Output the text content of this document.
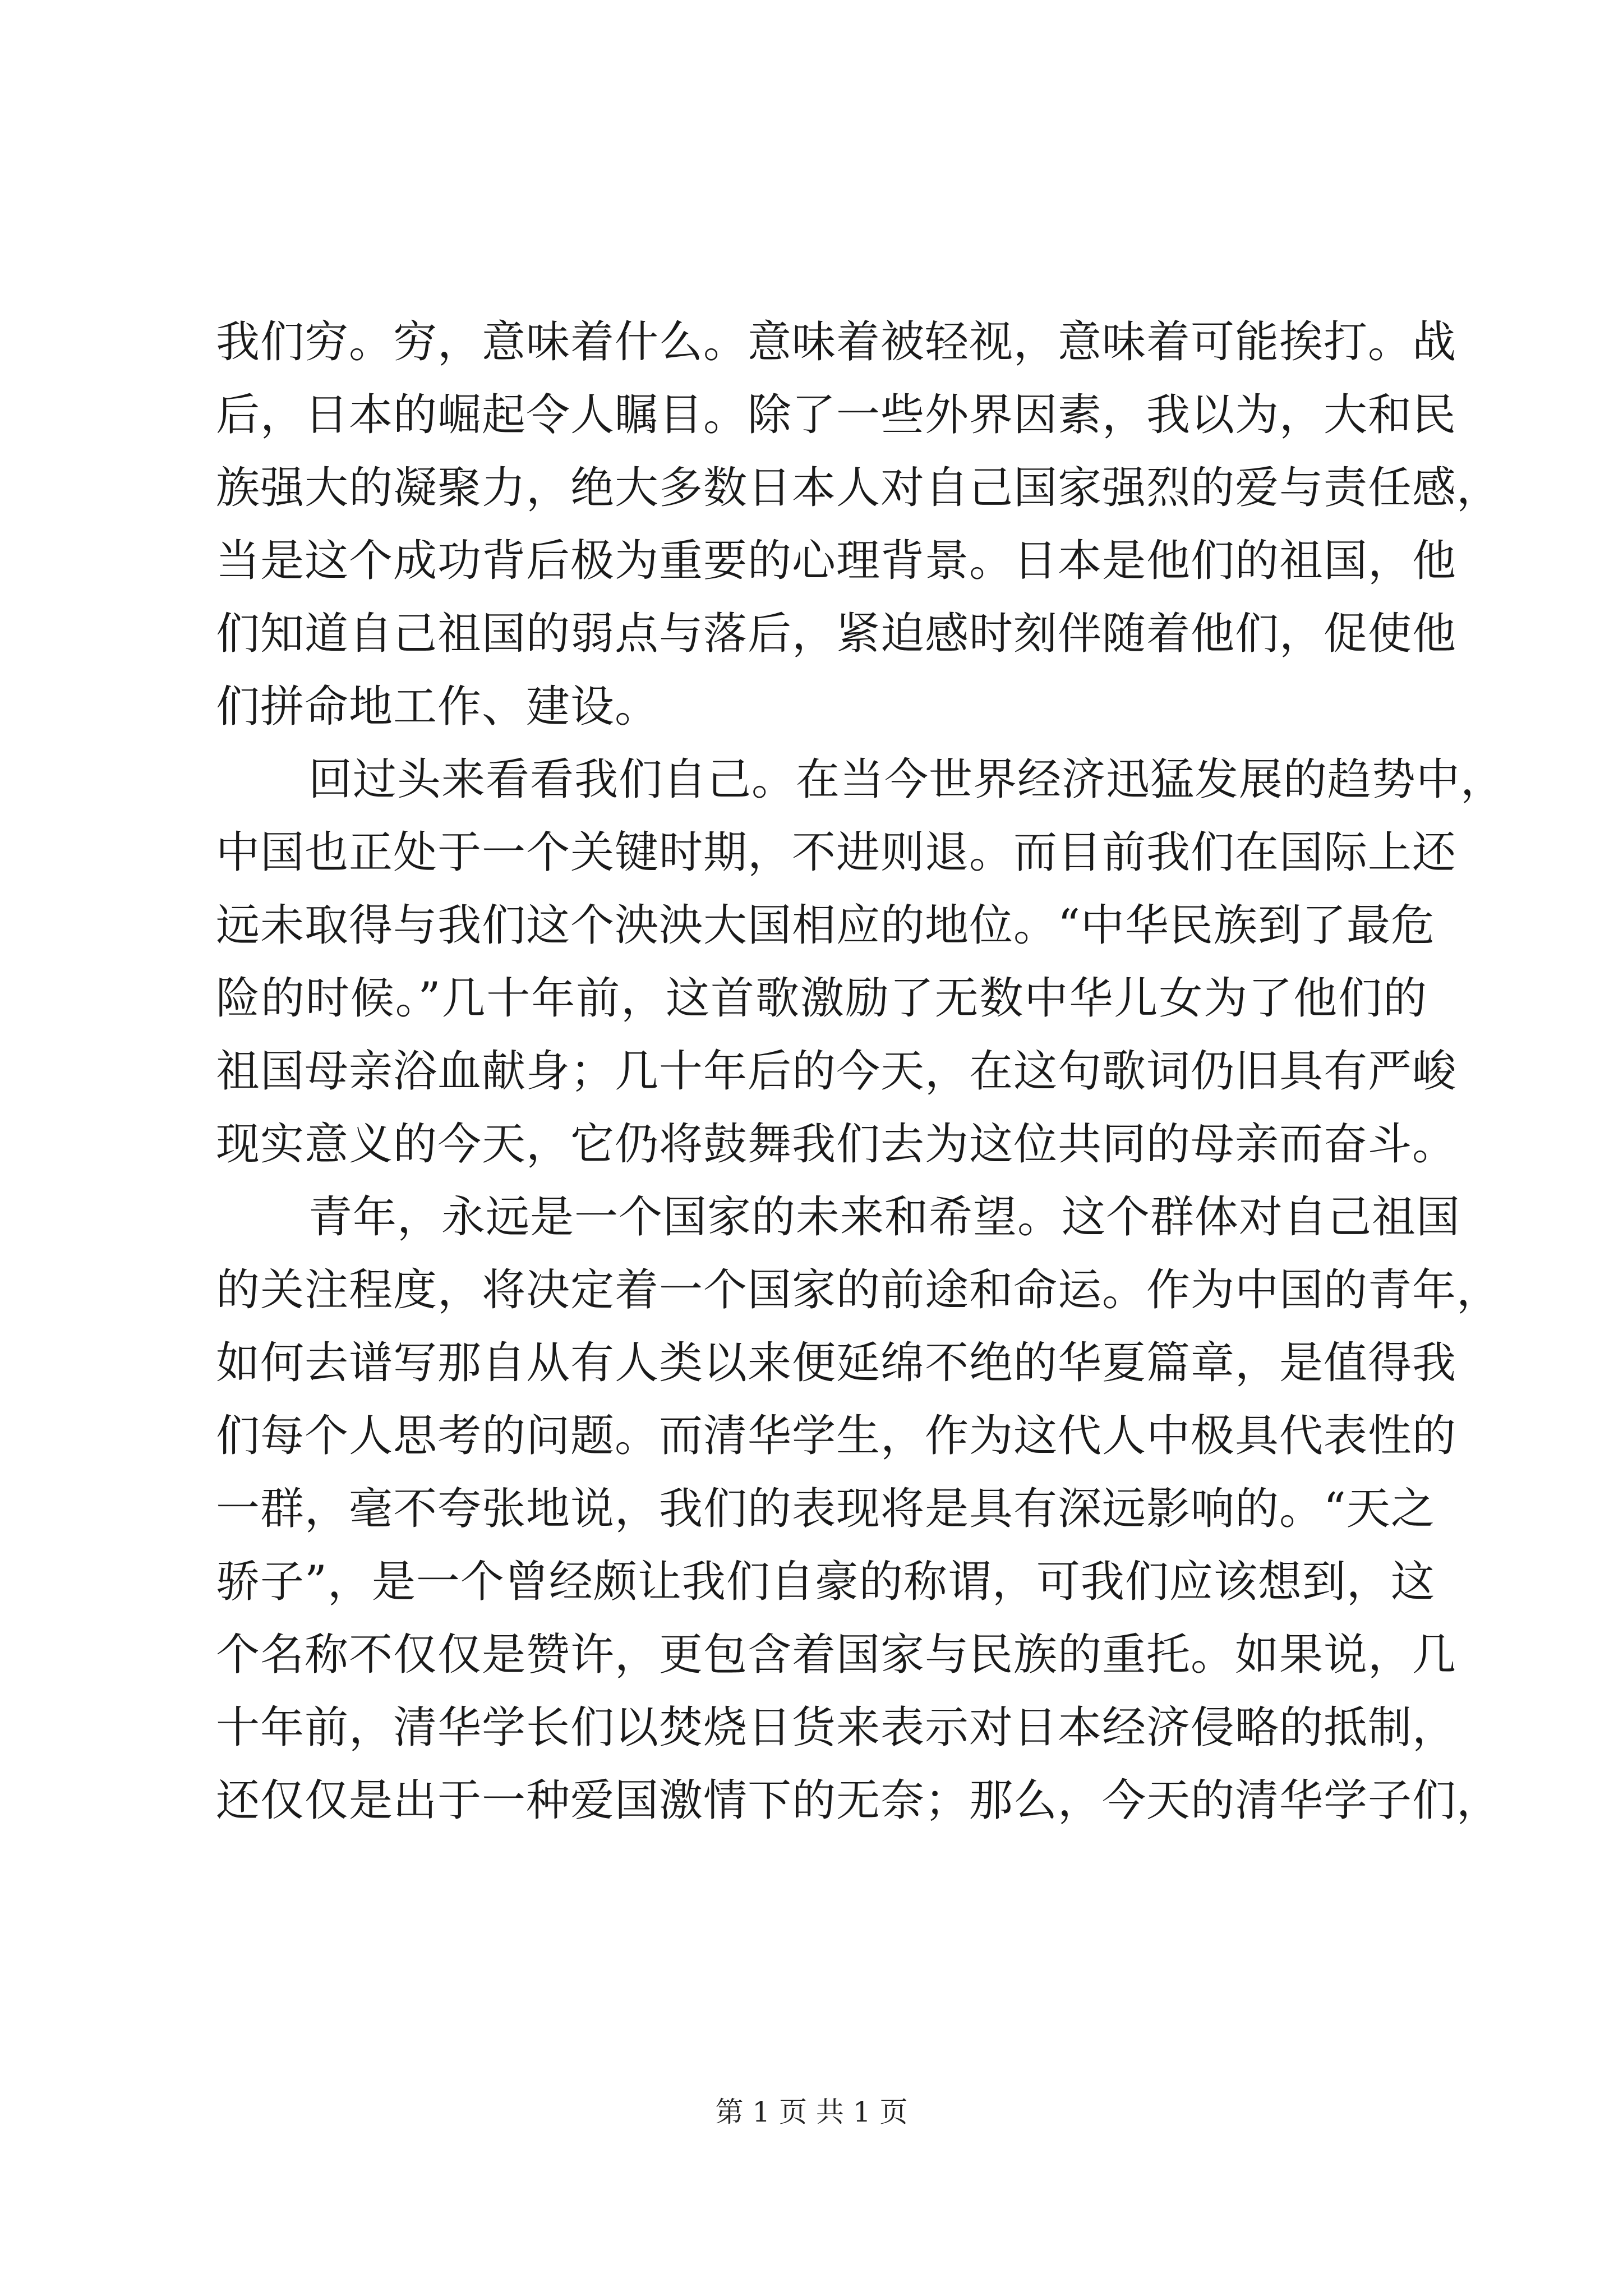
我们穷。穷，意味着什么。意味着被轻视，意味着可能挨打。战
后，日本的崛起令人瞩目。除了一些外界因素，我以为，大和民
族强大的凝聚力，绝大多数日本人对自己国家强烈的爱与责任感，
当是这个成功背后极为重要的心理背景。日本是他们的祖国，他
们知道自己祖国的弱点与落后，紧迫感时刻伴随着他们，促使他
们拼命地工作、建设。
回过头来看看我们自己。在当今世界经济迅猛发展的趋势中，
中国也正处于一个关键时期，不进则退。而目前我们在国际上还
远未取得与我们这个泱泱大国相应的地位。“中华民族到了最危
险的时候。”几十年前，这首歌激励了无数中华儿女为了他们的
祖国母亲浴血献身；几十年后的今天，在这句歌词仍旧具有严峻
现实意义的今天，它仍将鼓舞我们去为这位共同的母亲而奋斗。
青年，永远是一个国家的未来和希望。这个群体对自己祖国
的关注程度，将决定着一个国家的前途和命运。作为中国的青年，
如何去谱写那自从有人类以来便延绵不绝的华夏篇章，是值得我
们每个人思考的问题。而清华学生，作为这代人中极具代表性的
一群，毫不夸张地说，我们的表现将是具有深远影响的。“天之
骄子”，是一个曾经颇让我们自豪的称谓，可我们应该想到，这
个名称不仅仅是赞许，更包含着国家与民族的重托。如果说，几
十年前，清华学长们以焚烧日货来表示对日本经济侵略的抵制，
还仅仅是出于一种爱国激情下的无奈；那么，今天的清华学子们，
第 1 页 共 1 页
